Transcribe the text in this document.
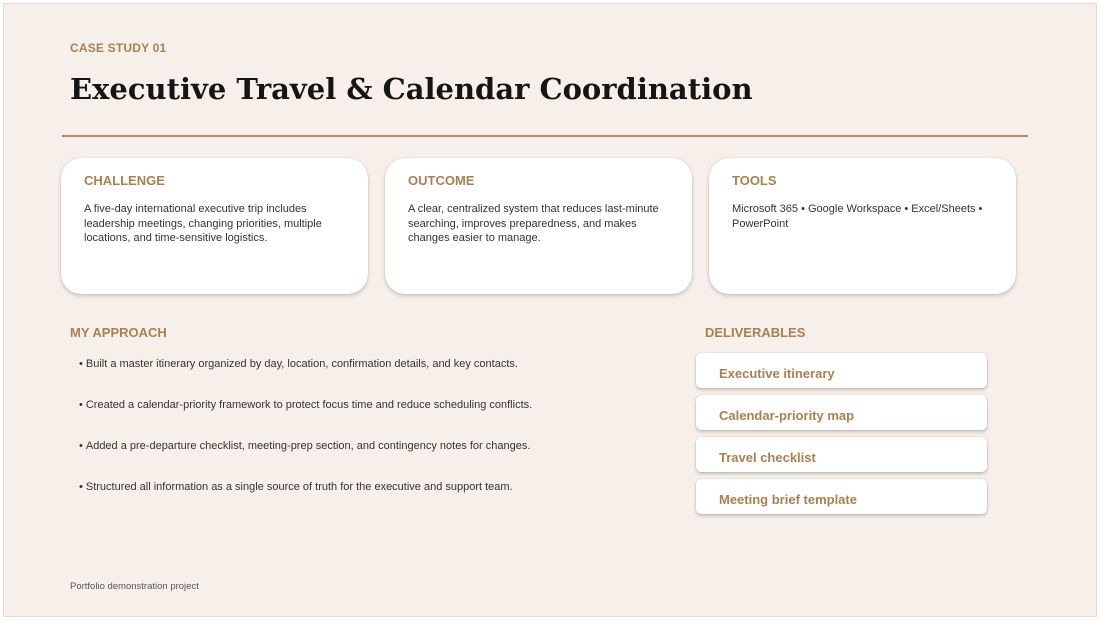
CASE STUDY 01
Executive Travel & Calendar Coordination
CHALLENGE
A five-day international executive trip includes leadership meetings, changing priorities, multiple locations, and time-sensitive logistics.
OUTCOME
A clear, centralized system that reduces last-minute searching, improves preparedness, and makes changes easier to manage.
TOOLS
Microsoft 365 • Google Workspace • Excel/Sheets • PowerPoint
MY APPROACH
• Built a master itinerary organized by day, location, confirmation details, and key contacts.
• Created a calendar-priority framework to protect focus time and reduce scheduling conflicts.
• Added a pre-departure checklist, meeting-prep section, and contingency notes for changes.
• Structured all information as a single source of truth for the executive and support team.
DELIVERABLES
Executive itinerary
Calendar-priority map
Travel checklist
Meeting brief template
Portfolio demonstration project
